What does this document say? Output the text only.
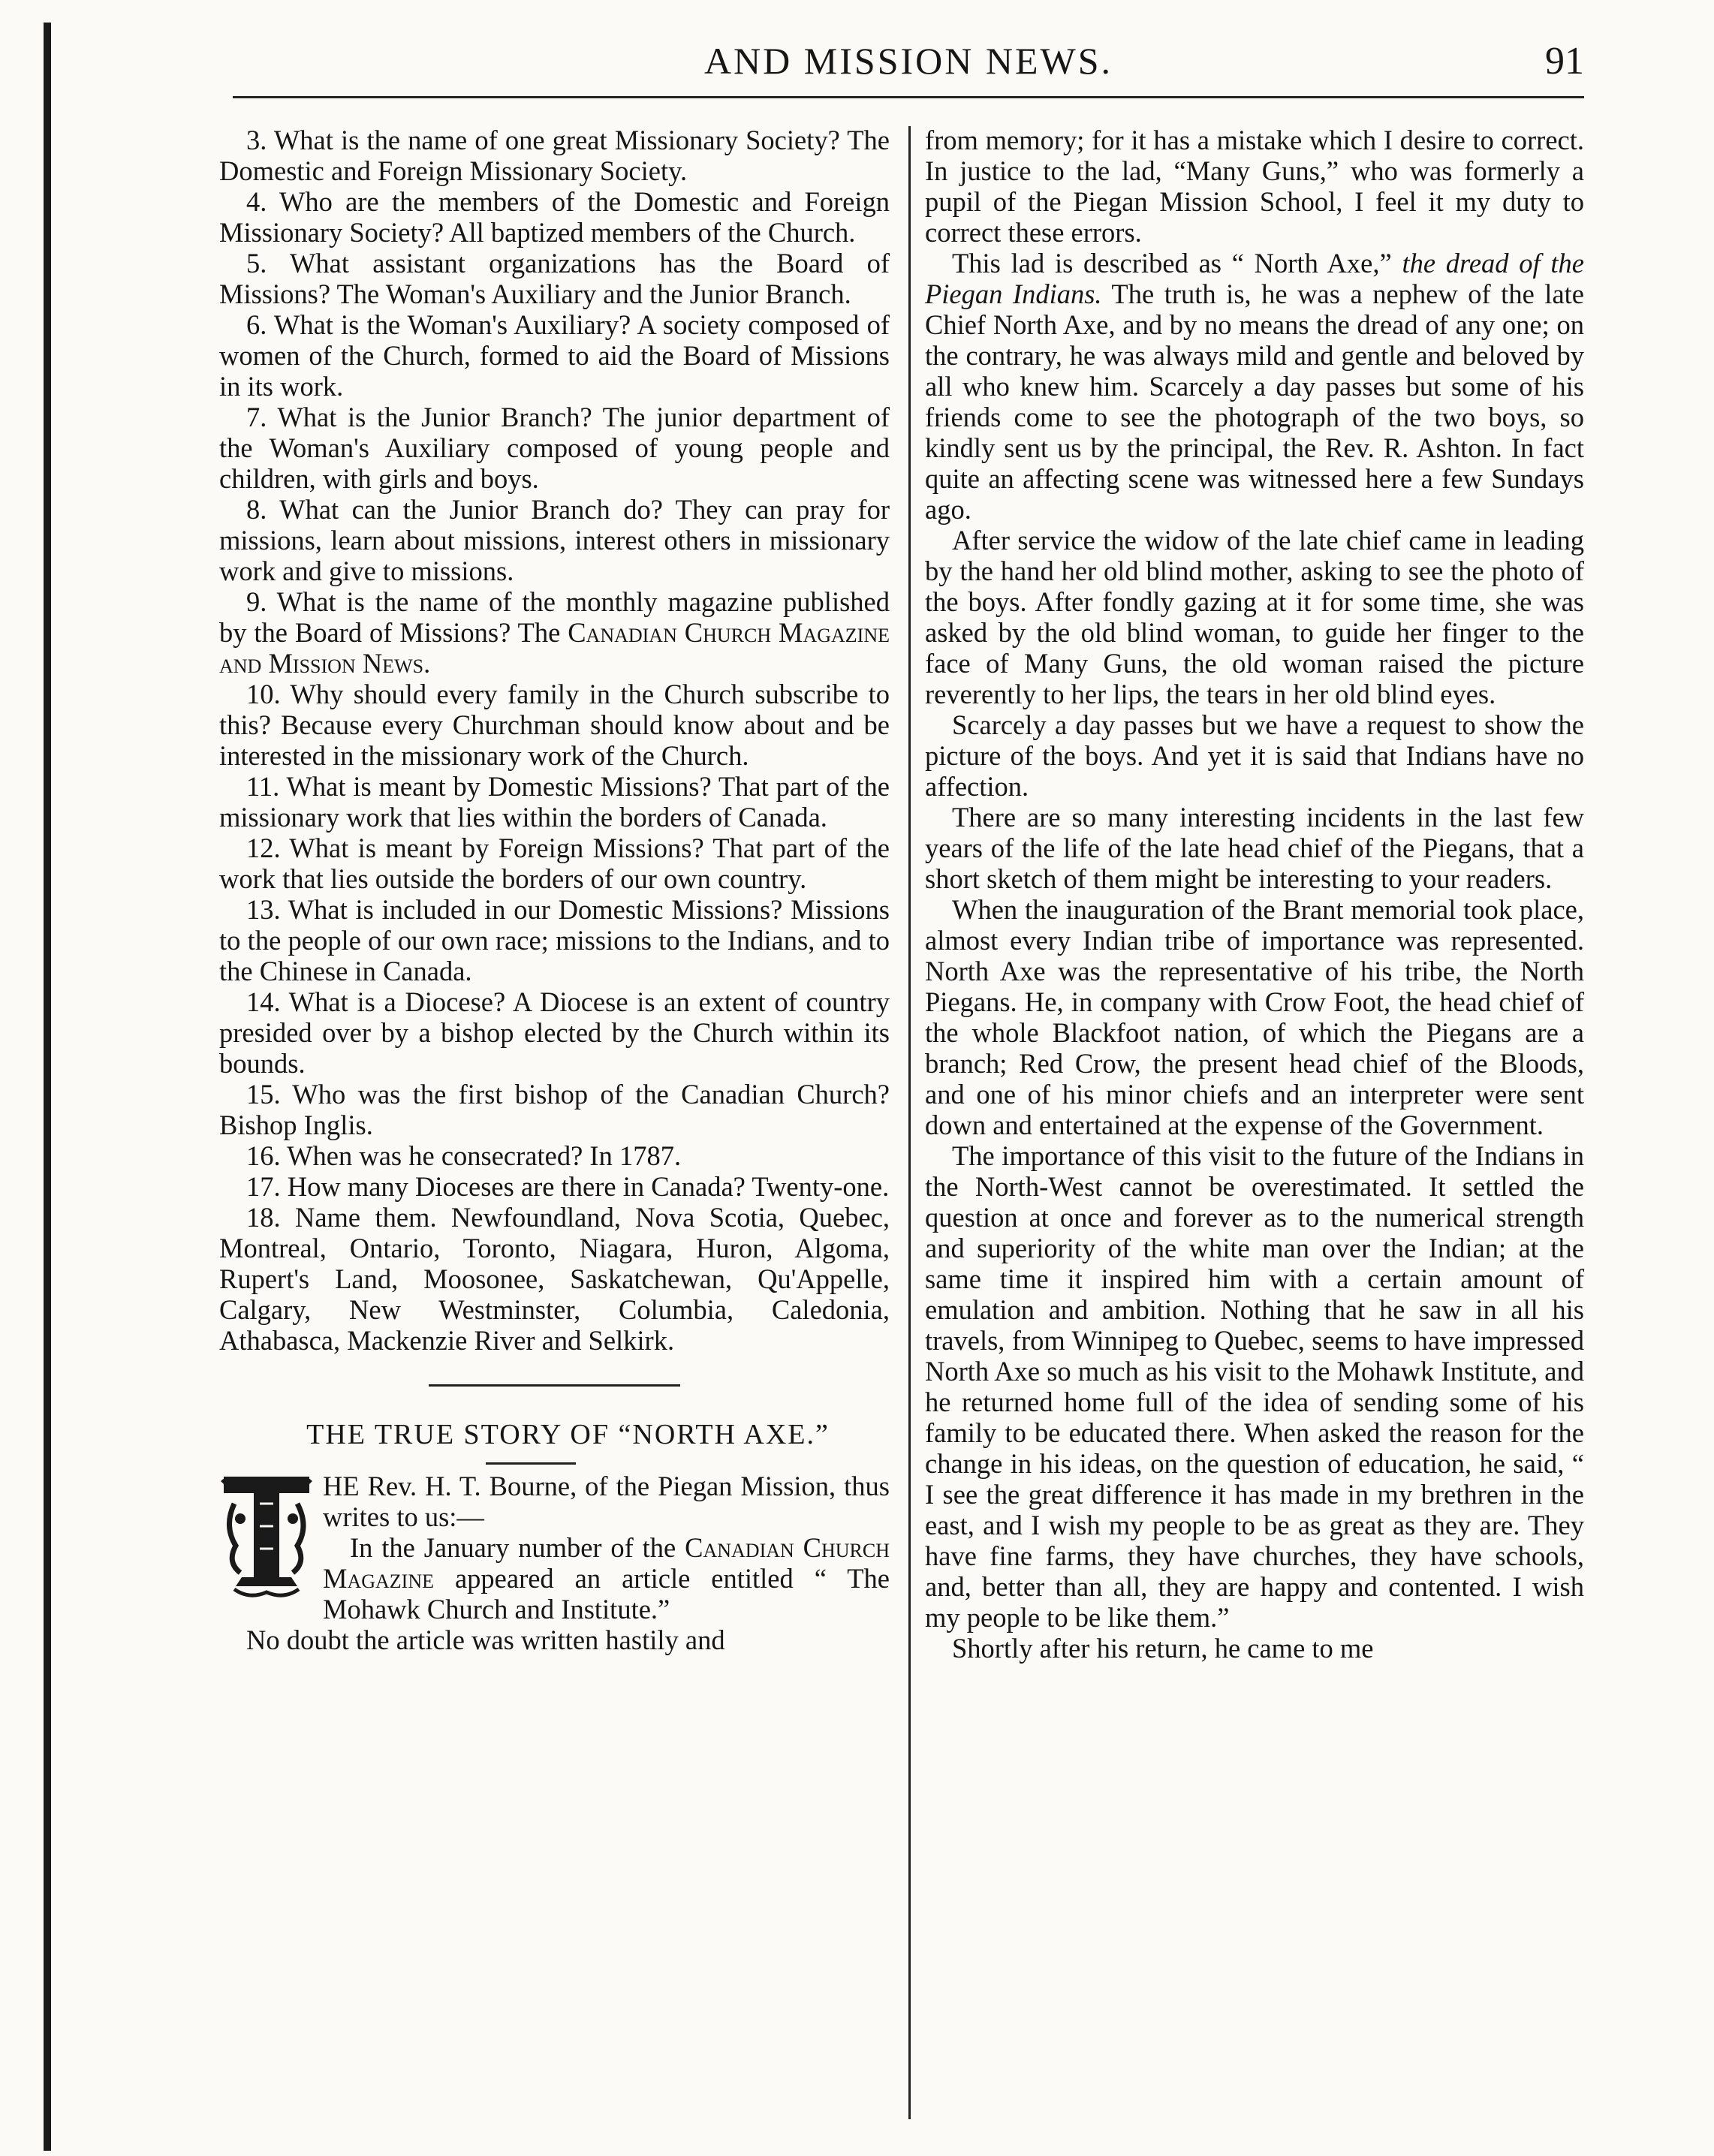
AND MISSION NEWS.	91

3. What is the name of one great Missionary Society? The Domestic and Foreign Missionary Society.

4. Who are the members of the Domestic and Foreign Missionary Society? All baptized members of the Church.

5. What assistant organizations has the Board of Missions? The Woman's Auxiliary and the Junior Branch.

6. What is the Woman's Auxiliary? A society composed of women of the Church, formed to aid the Board of Missions in its work.

7. What is the Junior Branch? The junior department of the Woman's Auxiliary composed of young people and children, with girls and boys.

8. What can the Junior Branch do? They can pray for missions, learn about missions, interest others in missionary work and give to missions.

9. What is the name of the monthly magazine published by the Board of Missions? The Canadian Church Magazine and Mission News.

10. Why should every family in the Church subscribe to this? Because every Churchman should know about and be interested in the missionary work of the Church.

11. What is meant by Domestic Missions? That part of the missionary work that lies within the borders of Canada.

12. What is meant by Foreign Missions? That part of the work that lies outside the borders of our own country.

13. What is included in our Domestic Missions? Missions to the people of our own race; missions to the Indians, and to the Chinese in Canada.

14. What is a Diocese? A Diocese is an extent of country presided over by a bishop elected by the Church within its bounds.

15. Who was the first bishop of the Canadian Church? Bishop Inglis.

16. When was he consecrated? In 1787.

17. How many Dioceses are there in Canada? Twenty-one.

18. Name them. Newfoundland, Nova Scotia, Quebec, Montreal, Ontario, Toronto, Niagara, Huron, Algoma, Rupert's Land, Moosonee, Saskatchewan, Qu'Appelle, Calgary, New Westminster, Columbia, Caledonia, Athabasca, Mackenzie River and Selkirk.

THE TRUE STORY OF “NORTH AXE.”

HE Rev. H. T. Bourne, of the Piegan Mission, thus writes to us:—

In the January number of the Canadian Church Magazine appeared an article entitled “ The Mohawk Church and Institute.”

No doubt the article was written hastily and

from memory; for it has a mistake which I desire to correct. In justice to the lad, “Many Guns,” who was formerly a pupil of the Piegan Mission School, I feel it my duty to correct these errors.

This lad is described as “ North Axe,” the dread of the Piegan Indians. The truth is, he was a nephew of the late Chief North Axe, and by no means the dread of any one; on the contrary, he was always mild and gentle and beloved by all who knew him. Scarcely a day passes but some of his friends come to see the photograph of the two boys, so kindly sent us by the principal, the Rev. R. Ashton. In fact quite an affecting scene was witnessed here a few Sundays ago.

After service the widow of the late chief came in leading by the hand her old blind mother, asking to see the photo of the boys. After fondly gazing at it for some time, she was asked by the old blind woman, to guide her finger to the face of Many Guns, the old woman raised the picture reverently to her lips, the tears in her old blind eyes.

Scarcely a day passes but we have a request to show the picture of the boys. And yet it is said that Indians have no affection.

There are so many interesting incidents in the last few years of the life of the late head chief of the Piegans, that a short sketch of them might be interesting to your readers.

When the inauguration of the Brant memorial took place, almost every Indian tribe of importance was represented. North Axe was the representative of his tribe, the North Piegans. He, in company with Crow Foot, the head chief of the whole Blackfoot nation, of which the Piegans are a branch; Red Crow, the present head chief of the Bloods, and one of his minor chiefs and an interpreter were sent down and entertained at the expense of the Government.

The importance of this visit to the future of the Indians in the North-West cannot be overestimated. It settled the question at once and forever as to the numerical strength and superiority of the white man over the Indian; at the same time it inspired him with a certain amount of emulation and ambition. Nothing that he saw in all his travels, from Winnipeg to Quebec, seems to have impressed North Axe so much as his visit to the Mohawk Institute, and he returned home full of the idea of sending some of his family to be educated there. When asked the reason for the change in his ideas, on the question of education, he said, “ I see the great difference it has made in my brethren in the east, and I wish my people to be as great as they are. They have fine farms, they have churches, they have schools, and, better than all, they are happy and contented. I wish my people to be like them.”

Shortly after his return, he came to me
